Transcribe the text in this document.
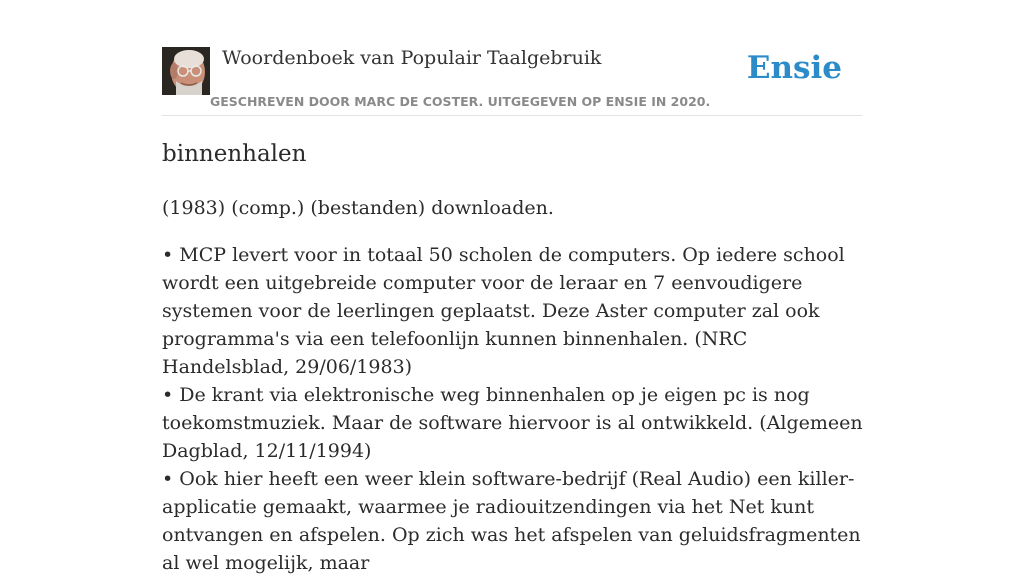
Woordenboek van Populair Taalgebruik
GESCHREVEN DOOR MARC DE COSTER. UITGEGEVEN OP ENSIE IN 2020.
Ensie
binnenhalen

(1983) (comp.) (bestanden) downloaden.

• MCP levert voor in totaal 50 scholen de computers. Op iedere school wordt een uitgebreide computer voor de leraar en 7 eenvoudigere systemen voor de leerlingen geplaatst. Deze Aster computer zal ook programma's via een telefoonlijn kunnen binnenhalen. (NRC Handelsblad, 29/06/1983)
• De krant via elektronische weg binnenhalen op je eigen pc is nog toekomstmuziek. Maar de software hiervoor is al ontwikkeld. (Algemeen Dagblad, 12/11/1994)
• Ook hier heeft een weer klein software-bedrijf (Real Audio) een killer-applicatie gemaakt, waarmee je radiouitzendingen via het Net kunt ontvangen en afspelen. Op zich was het afspelen van geluidsfragmenten al wel mogelijk, maar
